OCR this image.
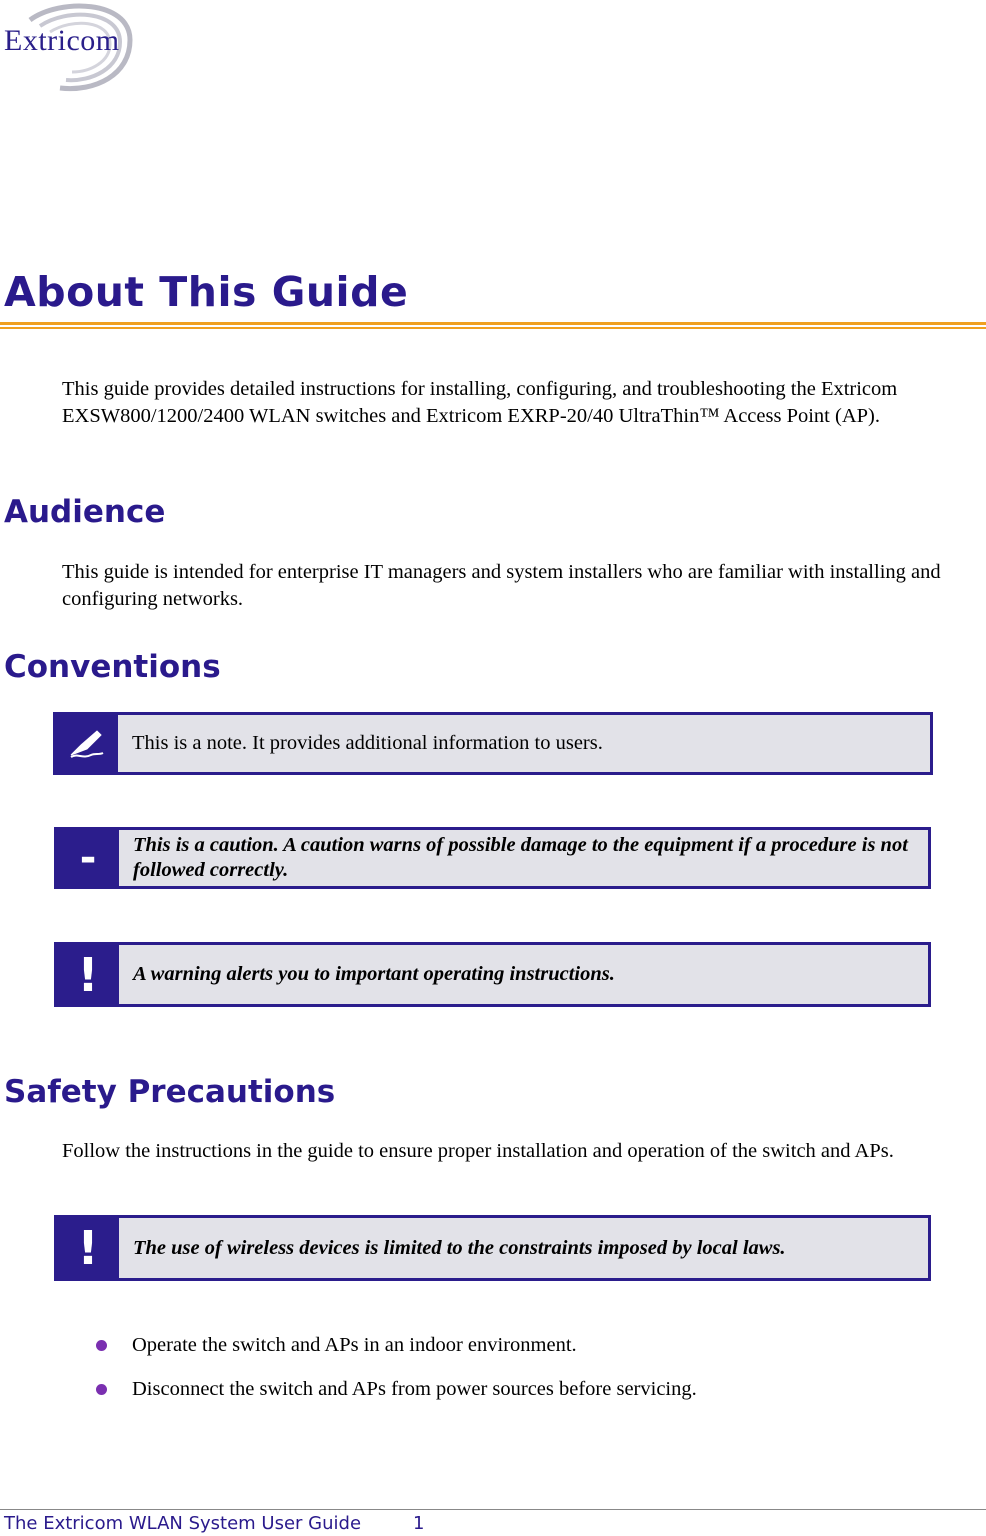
Extricom
About This Guide
This guide provides detailed instructions for installing, configuring, and troubleshooting the Extricom EXSW800/1200/2400 WLAN switches and Extricom EXRP-20/40 UltraThin™ Access Point (AP).
Audience
This guide is intended for enterprise IT managers and system installers who are familiar with installing and configuring networks.
Conventions
This is a note. It provides additional information to users.
-	This is a caution. A caution warns of possible damage to the equipment if a procedure is not followed correctly.
!	A warning alerts you to important operating instructions.
Safety Precautions
Follow the instructions in the guide to ensure proper installation and operation of the switch and APs.
!	The use of wireless devices is limited to the constraints imposed by local laws.
Operate the switch and APs in an indoor environment.
Disconnect the switch and APs from power sources before servicing.
The Extricom WLAN System User Guide	1
